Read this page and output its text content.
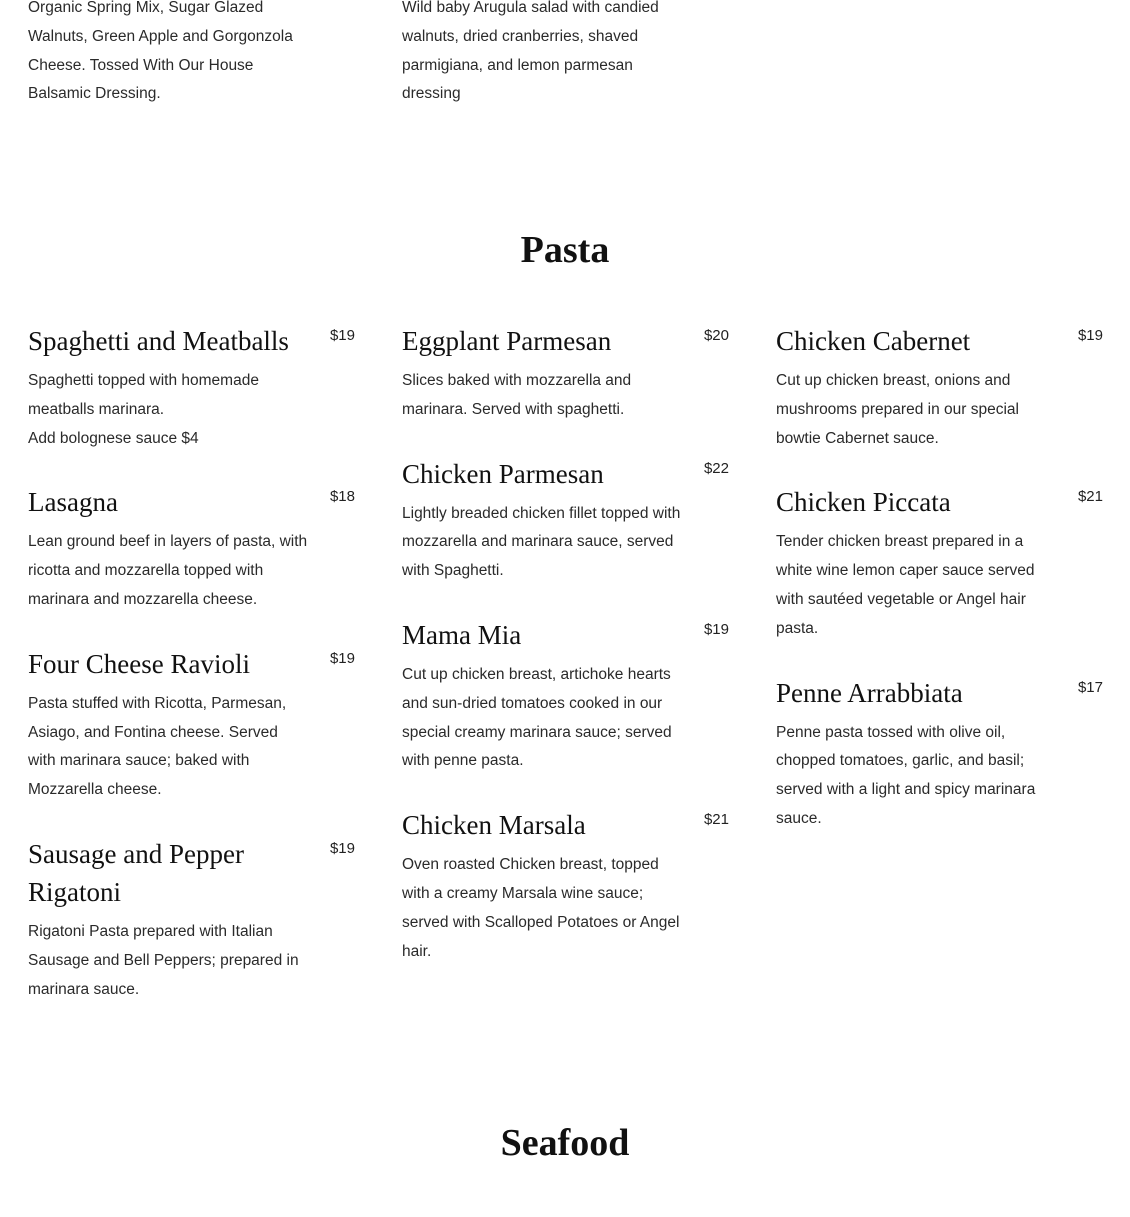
Organic Spring Mix, Sugar Glazed Walnuts, Green Apple and Gorgonzola Cheese. Tossed With Our House Balsamic Dressing.
Wild baby Arugula salad with candied walnuts, dried cranberries, shaved parmigiana, and lemon parmesan dressing
Pasta
Spaghetti and Meatballs	$19
Spaghetti topped with homemade meatballs marinara.
Add bolognese sauce $4
Lasagna	$18
Lean ground beef in layers of pasta, with ricotta and mozzarella topped with marinara and mozzarella cheese.
Four Cheese Ravioli	$19
Pasta stuffed with Ricotta, Parmesan, Asiago, and Fontina cheese. Served with marinara sauce; baked with Mozzarella cheese.
Sausage and Pepper Rigatoni
$19
Rigatoni Pasta prepared with Italian Sausage and Bell Peppers; prepared in marinara sauce.
Eggplant Parmesan	$20
Slices baked with mozzarella and marinara. Served with spaghetti.
Chicken Parmesan	$22
Lightly breaded chicken fillet topped with mozzarella and marinara sauce, served with Spaghetti.
Mama Mia	$19
Cut up chicken breast, artichoke hearts and sun-dried tomatoes cooked in our special creamy marinara sauce; served with penne pasta.
Chicken Marsala	$21
Oven roasted Chicken breast, topped with a creamy Marsala wine sauce; served with Scalloped Potatoes or Angel hair.
Chicken Cabernet	$19
Cut up chicken breast, onions and mushrooms prepared in our special bowtie Cabernet sauce.
Chicken Piccata	$21
Tender chicken breast prepared in a white wine lemon caper sauce served with sautéed vegetable or Angel hair pasta.
Penne Arrabbiata	$17
Penne pasta tossed with olive oil, chopped tomatoes, garlic, and basil; served with a light and spicy marinara sauce.
Seafood
